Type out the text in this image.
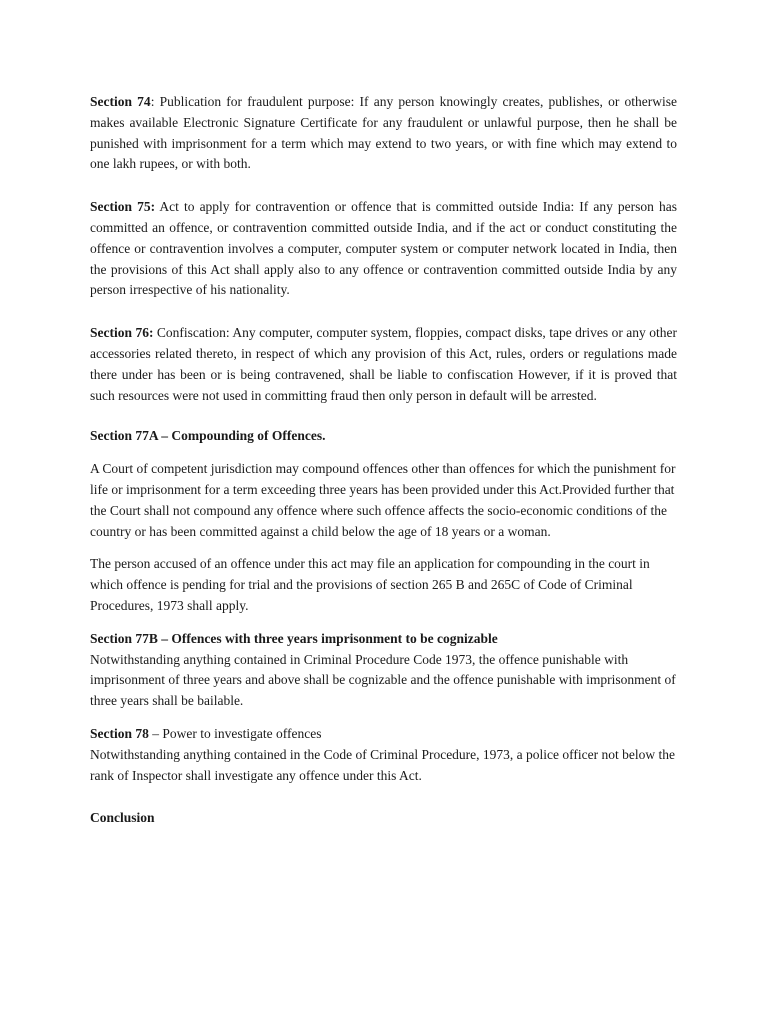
Section 74: Publication for fraudulent purpose: If any person knowingly creates, publishes, or otherwise makes available Electronic Signature Certificate for any fraudulent or unlawful purpose, then he shall be punished with imprisonment for a term which may extend to two years, or with fine which may extend to one lakh rupees, or with both.

Section 75: Act to apply for contravention or offence that is committed outside India: If any person has committed an offence, or contravention committed outside India, and if the act or conduct constituting the offence or contravention involves a computer, computer system or computer network located in India, then the provisions of this Act shall apply also to any offence or contravention committed outside India by any person irrespective of his nationality.

Section 76: Confiscation: Any computer, computer system, floppies, compact disks, tape drives or any other accessories related thereto, in respect of which any provision of this Act, rules, orders or regulations made there under has been or is being contravened, shall be liable to confiscation However, if it is proved that such resources were not used in committing fraud then only person in default will be arrested.

Section 77A – Compounding of Offences.

A Court of competent jurisdiction may compound offences other than offences for which the punishment for life or imprisonment for a term exceeding three years has been provided under this Act.Provided further that the Court shall not compound any offence where such offence affects the socio-economic conditions of the country or has been committed against a child below the age of 18 years or a woman.

The person accused of an offence under this act may file an application for compounding in the court in which offence is pending for trial and the provisions of section 265 B and 265C of Code of Criminal Procedures, 1973 shall apply.

Section 77B – Offences with three years imprisonment to be cognizable

Notwithstanding anything contained in Criminal Procedure Code 1973, the offence punishable with imprisonment of three years and above shall be cognizable and the offence punishable with imprisonment of three years shall be bailable.

Section 78 – Power to investigate offences

Notwithstanding anything contained in the Code of Criminal Procedure, 1973, a police officer not below the rank of Inspector shall investigate any offence under this Act.

Conclusion
